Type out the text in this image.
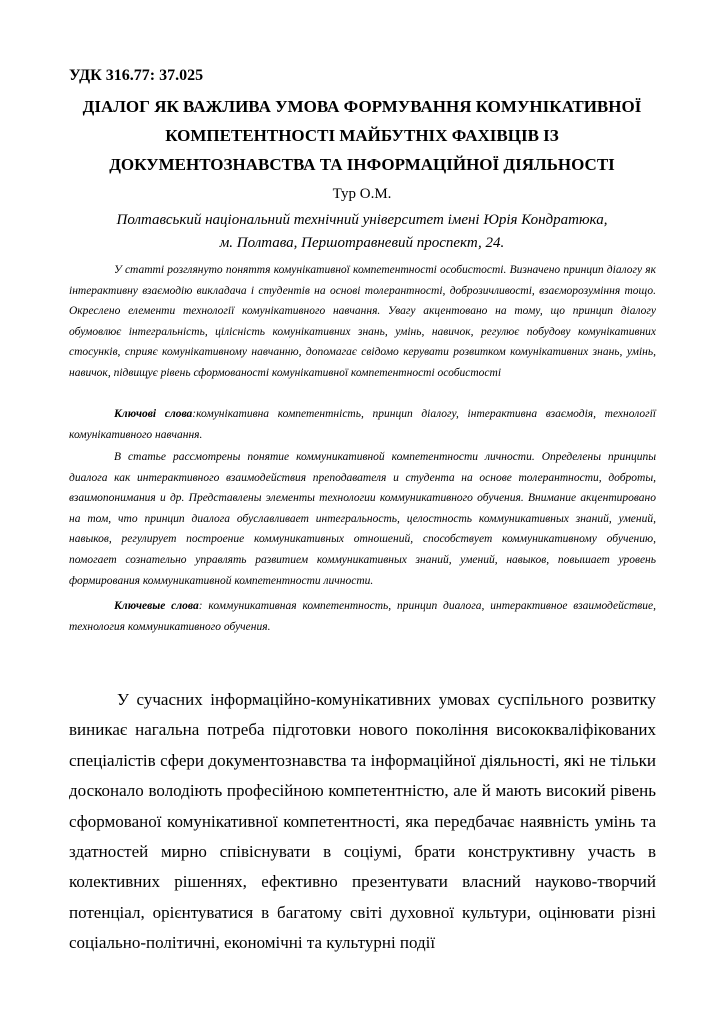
УДК 316.77: 37.025
ДІАЛОГ ЯК ВАЖЛИВА УМОВА ФОРМУВАННЯ КОМУНІКАТИВНОЇ КОМПЕТЕНТНОСТІ МАЙБУТНІХ ФАХІВЦІВ ІЗ ДОКУМЕНТОЗНАВСТВА ТА ІНФОРМАЦІЙНОЇ ДІЯЛЬНОСТІ
Тур О.М.

Полтавський національний технічний університет імені Юрія Кондратюка,
м. Полтава, Першотравневий проспект, 24.

У статті розглянуто поняття комунікативної компетентності особистості. Визначено принцип діалогу як інтерактивну взаємодію викладача і студентів на основі толерантності, доброзичливості, взаєморозуміння тощо. Окреслено елементи технології комунікативного навчання. Увагу акцентовано на тому, що принцип діалогу обумовлює інтегральність, цілісність комунікативних знань, умінь, навичок, регулює побудову комунікативних стосунків, сприяє комунікативному навчанню, допомагає свідомо керувати розвитком комунікативних знань, умінь, навичок, підвищує рівень сформованості комунікативної компетентності особистості

Ключові слова:комунікативна компетентність, принцип діалогу, інтерактивна взаємодія, технології комунікативного навчання.

В статье рассмотрены понятие коммуникативной компетентности личности. Определены принципы диалога как интерактивного взаимодействия преподавателя и студента на основе толерантности, доброты, взаимопонимания и др. Представлены элементы технологии коммуникативного обучения. Внимание акцентировано на том, что принцип диалога обуславливает интегральность, целостность коммуникативных знаний, умений, навыков, регулирует построение коммуникативных отношений, способствует коммуникативному обучению, помогает сознательно управлять развитием коммуникативных знаний, умений, навыков, повышает уровень формирования коммуникативной компетентности личности.

Ключевые слова: коммуникативная компетентность, принцип диалога, интерактивное взаимодействие, технология коммуникативного обучения.

У сучасних інформаційно-комунікативних умовах суспільного розвитку виникає нагальна потреба підготовки нового покоління висококваліфікованих спеціалістів сфери документознавства та інформаційної діяльності, які не тільки досконало володіють професійною компетентністю, але й мають високий рівень сформованої комунікативної компетентності, яка передбачає наявність умінь та здатностей мирно співіснувати в соціумі, брати конструктивну участь в колективних рішеннях, ефективно презентувати власний науково-творчий потенціал, орієнтуватися в багатому світі духовної культури, оцінювати різні соціально-політичні, економічні та культурні події
